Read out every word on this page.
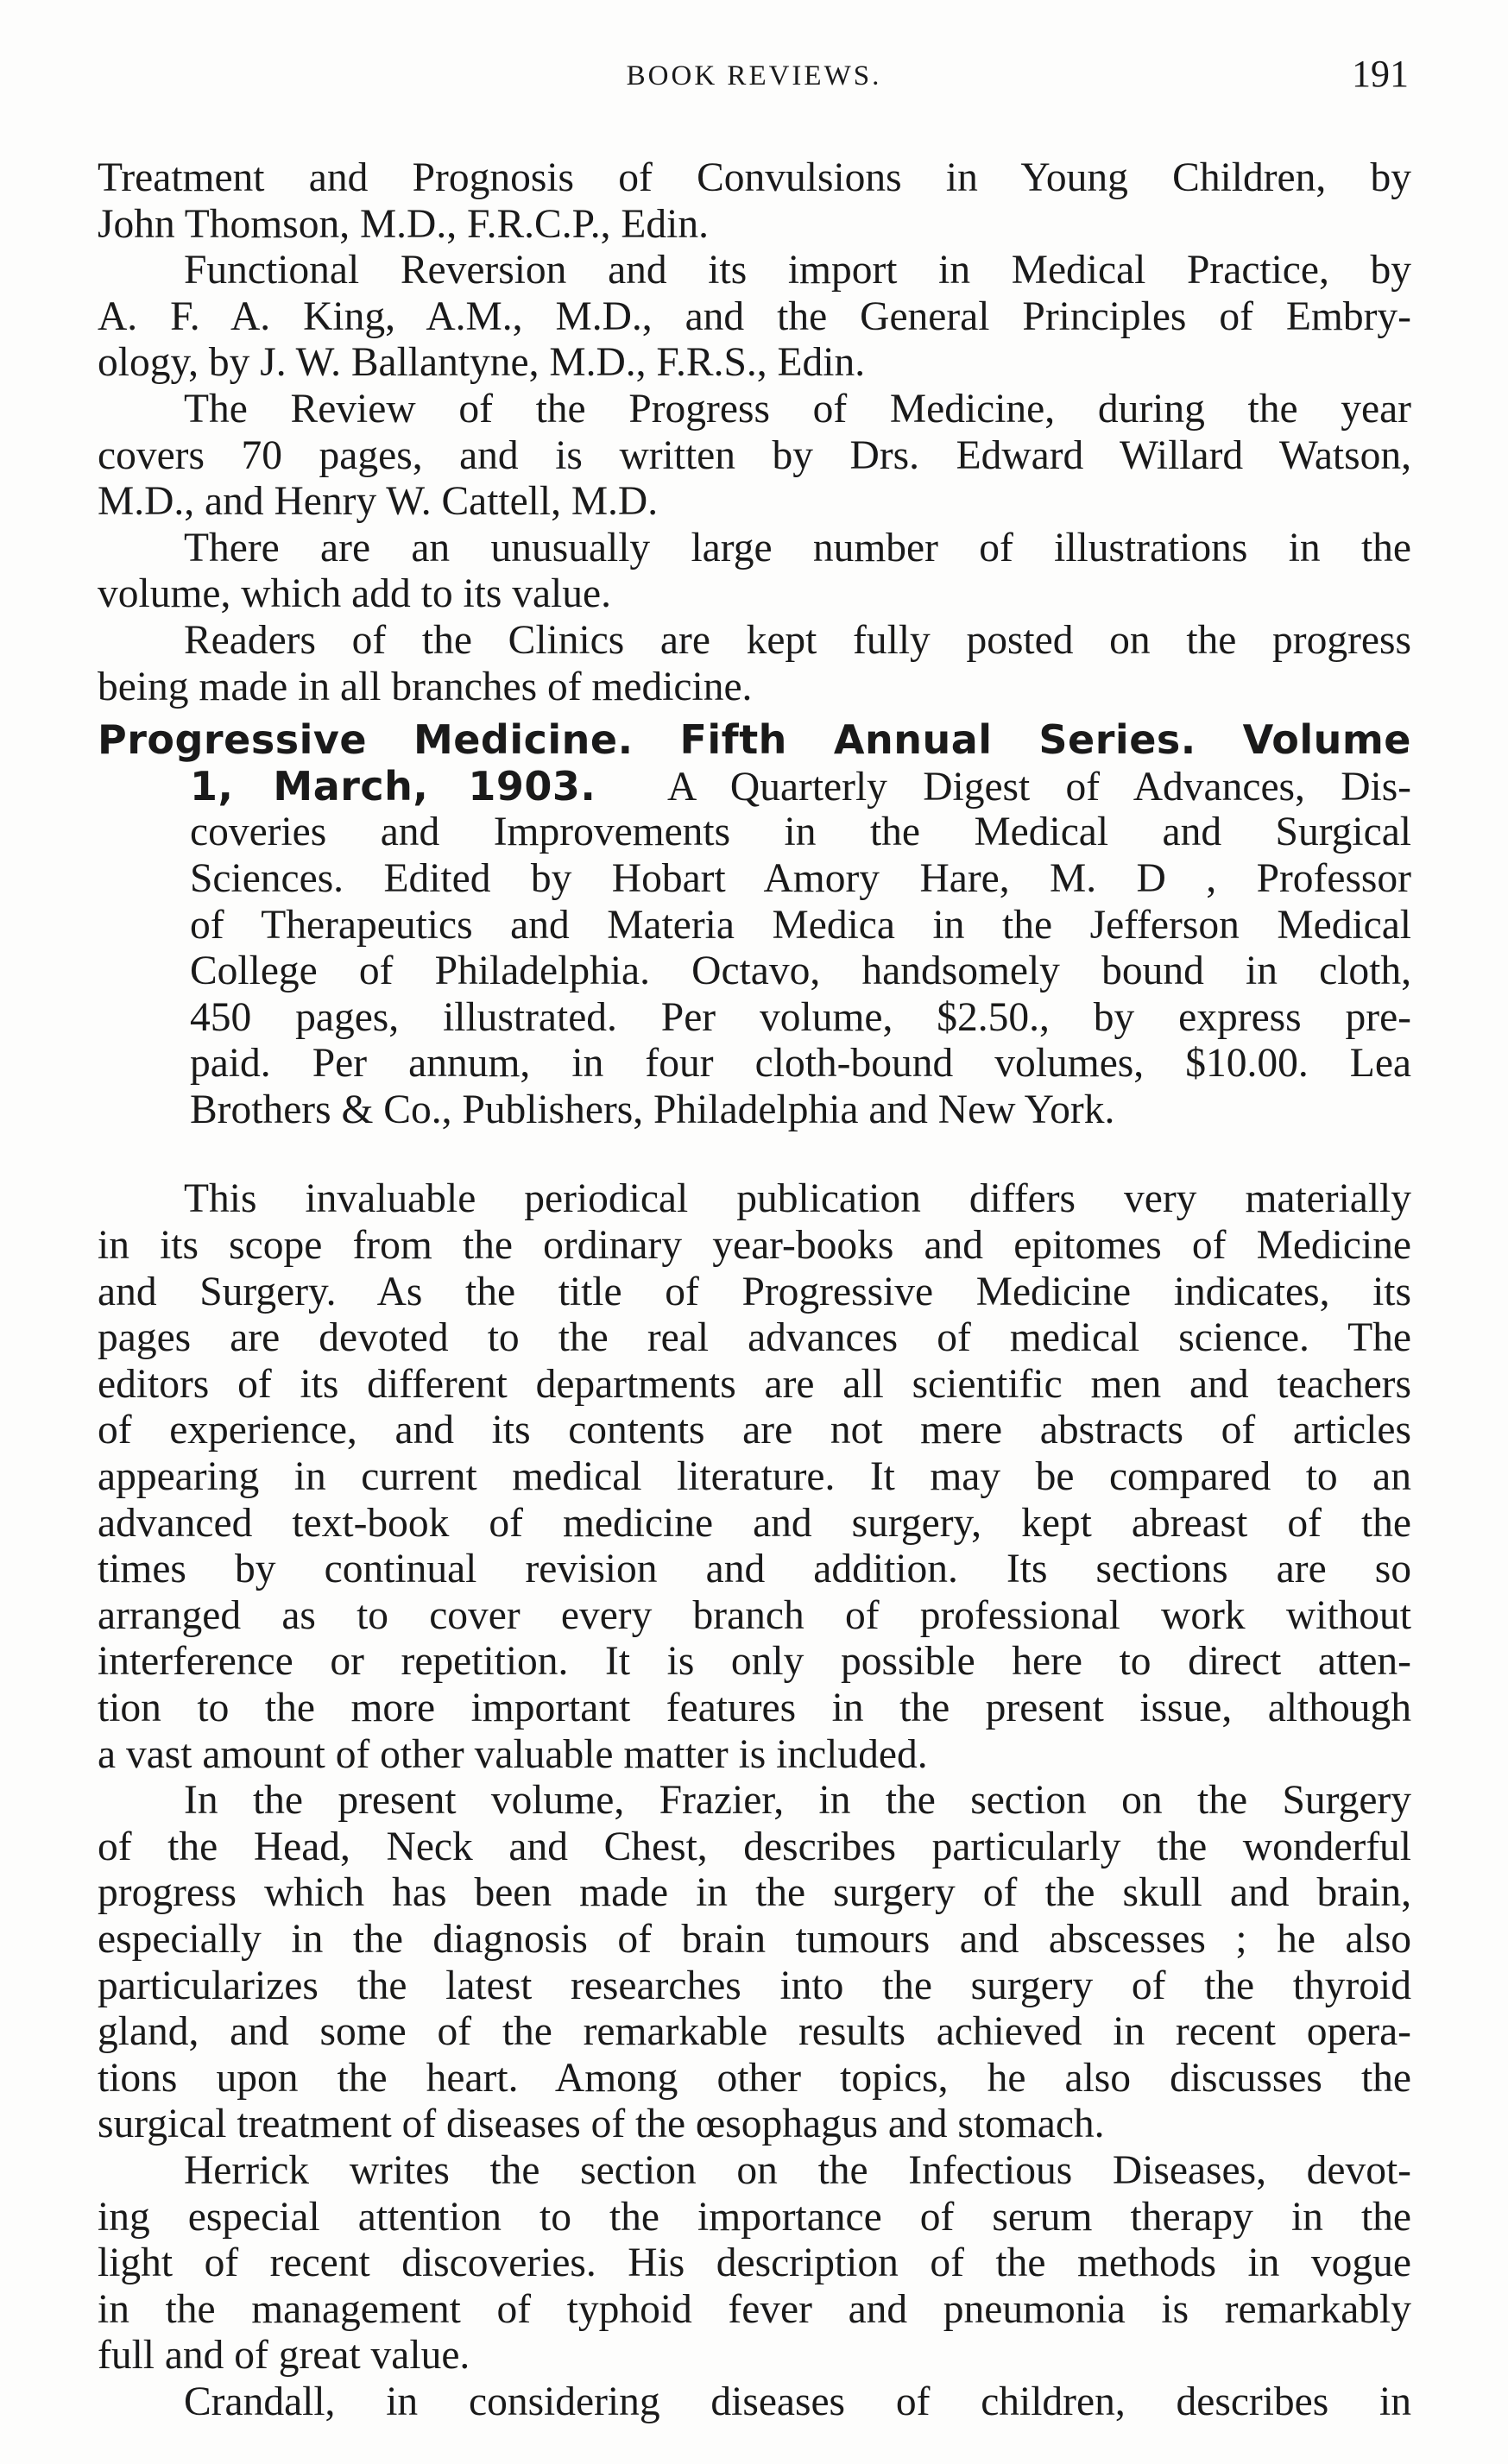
BOOK REVIEWS.	191
Treatment and Prognosis of Convulsions in Young Children, by
John Thomson, M.D., F.R.C.P., Edin.
Functional Reversion and its import in Medical Practice, by
A. F. A. King, A.M., M.D., and the General Principles of Embry-
ology, by J. W. Ballantyne, M.D., F.R.S., Edin.
The Review of the Progress of Medicine, during the year
covers 70 pages, and is written by Drs. Edward Willard Watson,
M.D., and Henry W. Cattell, M.D.
There are an unusually large number of illustrations in the
volume, which add to its value.
Readers of the Clinics are kept fully posted on the progress
being made in all branches of medicine.
Progressive Medicine. Fifth Annual Series. Volume
1, March, 1903. A Quarterly Digest of Advances, Dis-
coveries and Improvements in the Medical and Surgical
Sciences. Edited by Hobart Amory Hare, M. D , Professor
of Therapeutics and Materia Medica in the Jefferson Medical
College of Philadelphia. Octavo, handsomely bound in cloth,
450 pages, illustrated. Per volume, $2.50., by express pre-
paid. Per annum, in four cloth-bound volumes, $10.00. Lea
Brothers & Co., Publishers, Philadelphia and New York.
This invaluable periodical publication differs very materially
in its scope from the ordinary year-books and epitomes of Medicine
and Surgery. As the title of Progressive Medicine indicates, its
pages are devoted to the real advances of medical science. The
editors of its different departments are all scientific men and teachers
of experience, and its contents are not mere abstracts of articles
appearing in current medical literature. It may be compared to an
advanced text-book of medicine and surgery, kept abreast of the
times by continual revision and addition. Its sections are so
arranged as to cover every branch of professional work without
interference or repetition. It is only possible here to direct atten-
tion to the more important features in the present issue, although
a vast amount of other valuable matter is included.
In the present volume, Frazier, in the section on the Surgery
of the Head, Neck and Chest, describes particularly the wonderful
progress which has been made in the surgery of the skull and brain,
especially in the diagnosis of brain tumours and abscesses ; he also
particularizes the latest researches into the surgery of the thyroid
gland, and some of the remarkable results achieved in recent opera-
tions upon the heart. Among other topics, he also discusses the
surgical treatment of diseases of the œsophagus and stomach.
Herrick writes the section on the Infectious Diseases, devot-
ing especial attention to the importance of serum therapy in the
light of recent discoveries. His description of the methods in vogue
in the management of typhoid fever and pneumonia is remarkably
full and of great value.
Crandall, in considering diseases of children, describes in
